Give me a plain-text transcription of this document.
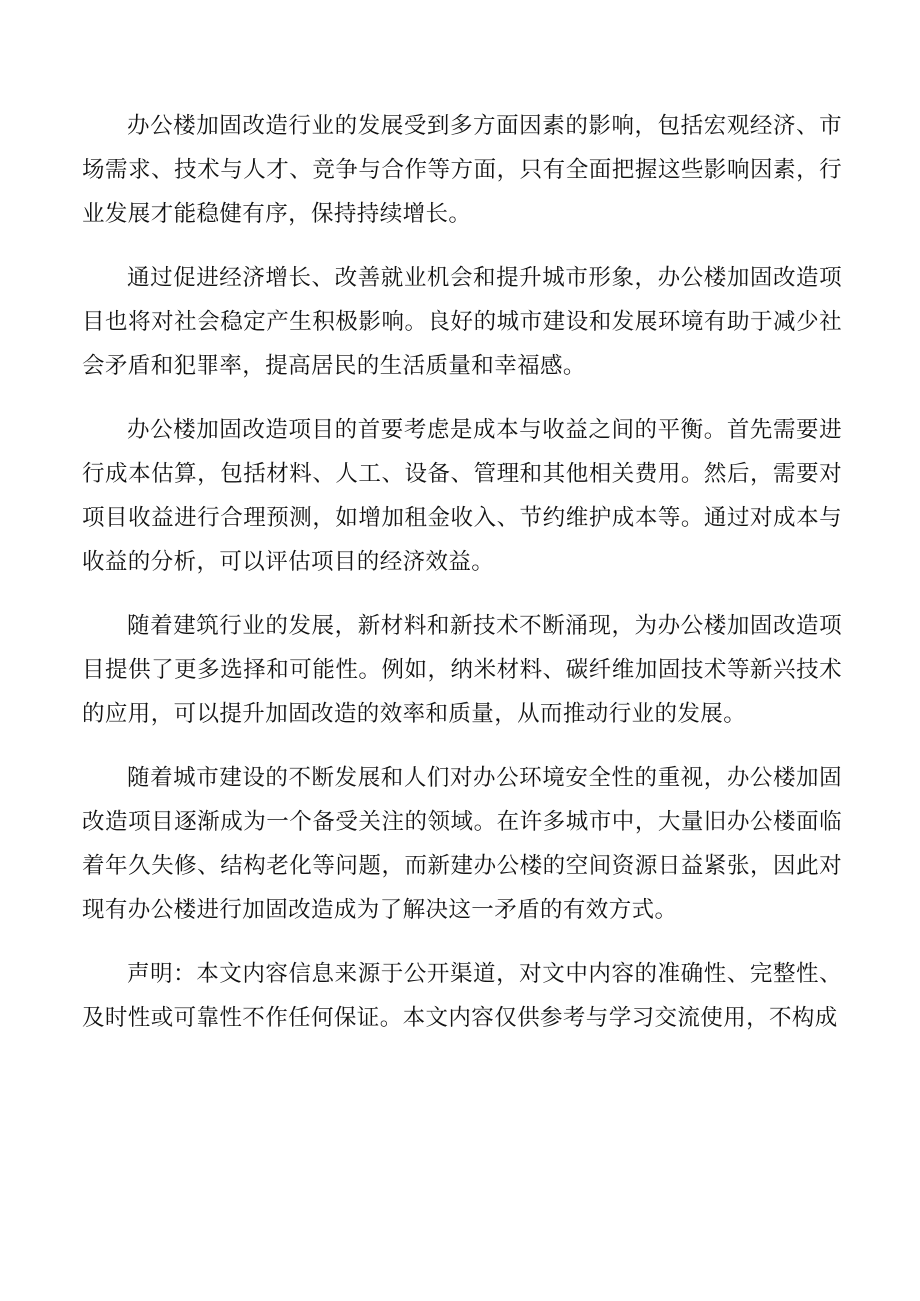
办公楼加固改造行业的发展受到多方面因素的影响，包括宏观经济、市场需求、技术与人才、竞争与合作等方面，只有全面把握这些影响因素，行业发展才能稳健有序，保持持续增长。

通过促进经济增长、改善就业机会和提升城市形象，办公楼加固改造项目也将对社会稳定产生积极影响。良好的城市建设和发展环境有助于减少社会矛盾和犯罪率，提高居民的生活质量和幸福感。

办公楼加固改造项目的首要考虑是成本与收益之间的平衡。首先需要进行成本估算，包括材料、人工、设备、管理和其他相关费用。然后，需要对项目收益进行合理预测，如增加租金收入、节约维护成本等。通过对成本与收益的分析，可以评估项目的经济效益。

随着建筑行业的发展，新材料和新技术不断涌现，为办公楼加固改造项目提供了更多选择和可能性。例如，纳米材料、碳纤维加固技术等新兴技术的应用，可以提升加固改造的效率和质量，从而推动行业的发展。

随着城市建设的不断发展和人们对办公环境安全性的重视，办公楼加固改造项目逐渐成为一个备受关注的领域。在许多城市中，大量旧办公楼面临着年久失修、结构老化等问题，而新建办公楼的空间资源日益紧张，因此对现有办公楼进行加固改造成为了解决这一矛盾的有效方式。

声明：本文内容信息来源于公开渠道，对文中内容的准确性、完整性、及时性或可靠性不作任何保证。本文内容仅供参考与学习交流使用，不构成
